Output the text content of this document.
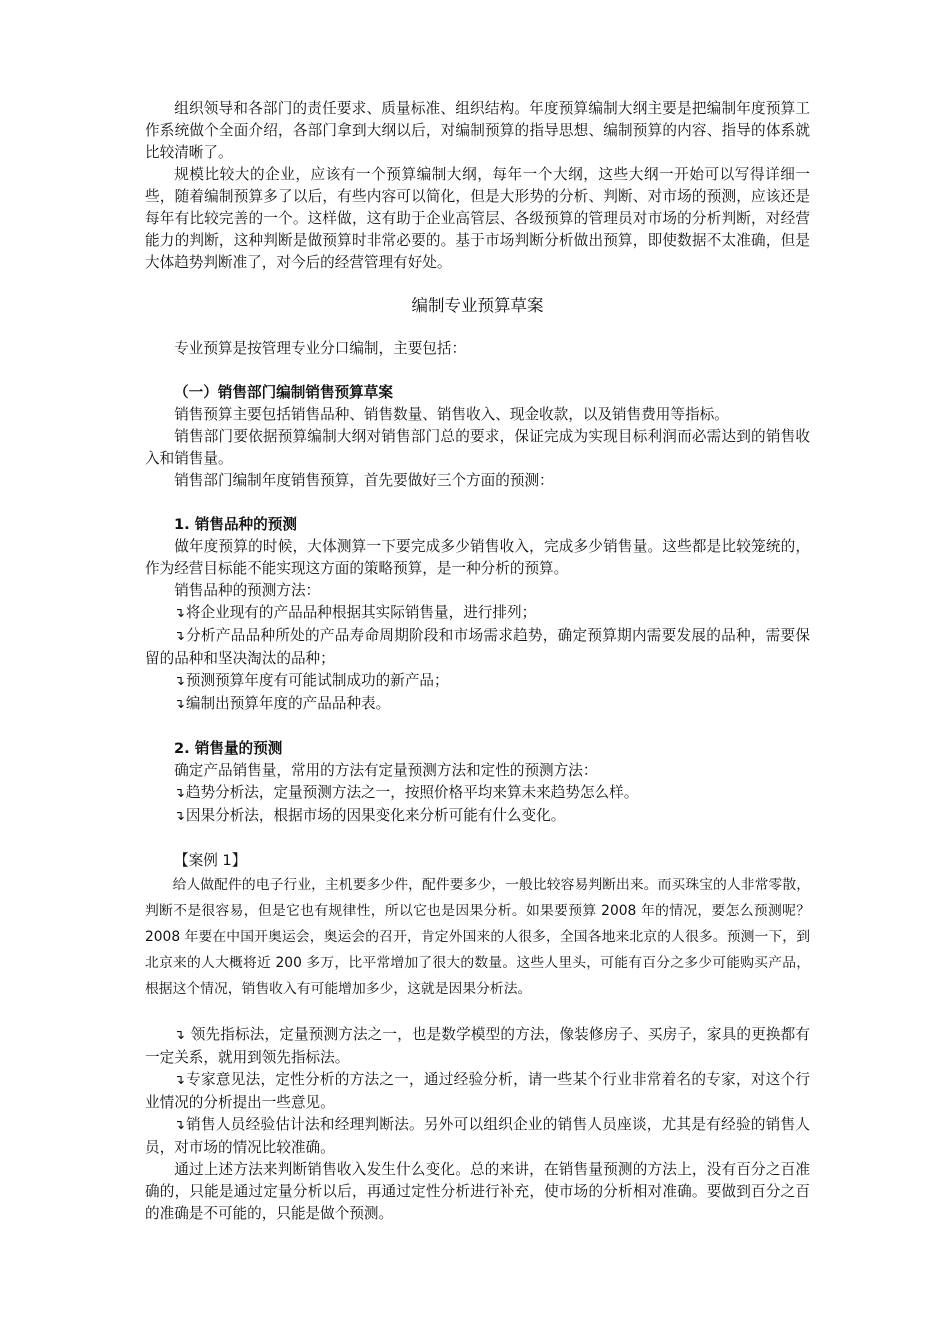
组织领导和各部门的责任要求、质量标准、组织结构。年度预算编制大纲主要是把编制年度预算工作系统做个全面介绍，各部门拿到大纲以后，对编制预算的指导思想、编制预算的内容、指导的体系就比较清晰了。

规模比较大的企业，应该有一个预算编制大纲，每年一个大纲，这些大纲一开始可以写得详细一些，随着编制预算多了以后，有些内容可以简化，但是大形势的分析、判断、对市场的预测，应该还是每年有比较完善的一个。这样做，这有助于企业高管层、各级预算的管理员对市场的分析判断，对经营能力的判断，这种判断是做预算时非常必要的。基于市场判断分析做出预算，即使数据不太准确，但是大体趋势判断准了，对今后的经营管理有好处。

编制专业预算草案

专业预算是按管理专业分口编制，主要包括：

（一）销售部门编制销售预算草案

销售预算主要包括销售品种、销售数量、销售收入、现金收款，以及销售费用等指标。

销售部门要依据预算编制大纲对销售部门总的要求，保证完成为实现目标利润而必需达到的销售收入和销售量。

销售部门编制年度销售预算，首先要做好三个方面的预测：

1. 销售品种的预测

做年度预算的时候，大体测算一下要完成多少销售收入，完成多少销售量。这些都是比较笼统的，作为经营目标能不能实现这方面的策略预算，是一种分析的预算。

销售品种的预测方法：

↴将企业现有的产品品种根据其实际销售量，进行排列；

↴分析产品品种所处的产品寿命周期阶段和市场需求趋势，确定预算期内需要发展的品种，需要保留的品种和坚决淘汰的品种；

↴预测预算年度有可能试制成功的新产品；

↴编制出预算年度的产品品种表。

2. 销售量的预测

确定产品销售量，常用的方法有定量预测方法和定性的预测方法：

↴趋势分析法，定量预测方法之一，按照价格平均来算未来趋势怎么样。

↴因果分析法，根据市场的因果变化来分析可能有什么变化。

【案例 1】

给人做配件的电子行业，主机要多少件，配件要多少，一般比较容易判断出来。而买珠宝的人非常零散，判断不是很容易，但是它也有规律性，所以它也是因果分析。如果要预算 2008 年的情况，要怎么预测呢？2008 年要在中国开奥运会，奥运会的召开，肯定外国来的人很多，全国各地来北京的人很多。预测一下，到北京来的人大概将近 200 多万，比平常增加了很大的数量。这些人里头，可能有百分之多少可能购买产品，根据这个情况，销售收入有可能增加多少，这就是因果分析法。

↴ 领先指标法，定量预测方法之一，也是数学模型的方法，像装修房子、买房子，家具的更换都有一定关系，就用到领先指标法。

↴专家意见法，定性分析的方法之一，通过经验分析，请一些某个行业非常着名的专家，对这个行业情况的分析提出一些意见。

↴销售人员经验估计法和经理判断法。另外可以组织企业的销售人员座谈，尤其是有经验的销售人员，对市场的情况比较准确。

通过上述方法来判断销售收入发生什么变化。总的来讲，在销售量预测的方法上，没有百分之百准确的，只能是通过定量分析以后，再通过定性分析进行补充，使市场的分析相对准确。要做到百分之百的准确是不可能的，只能是做个预测。
